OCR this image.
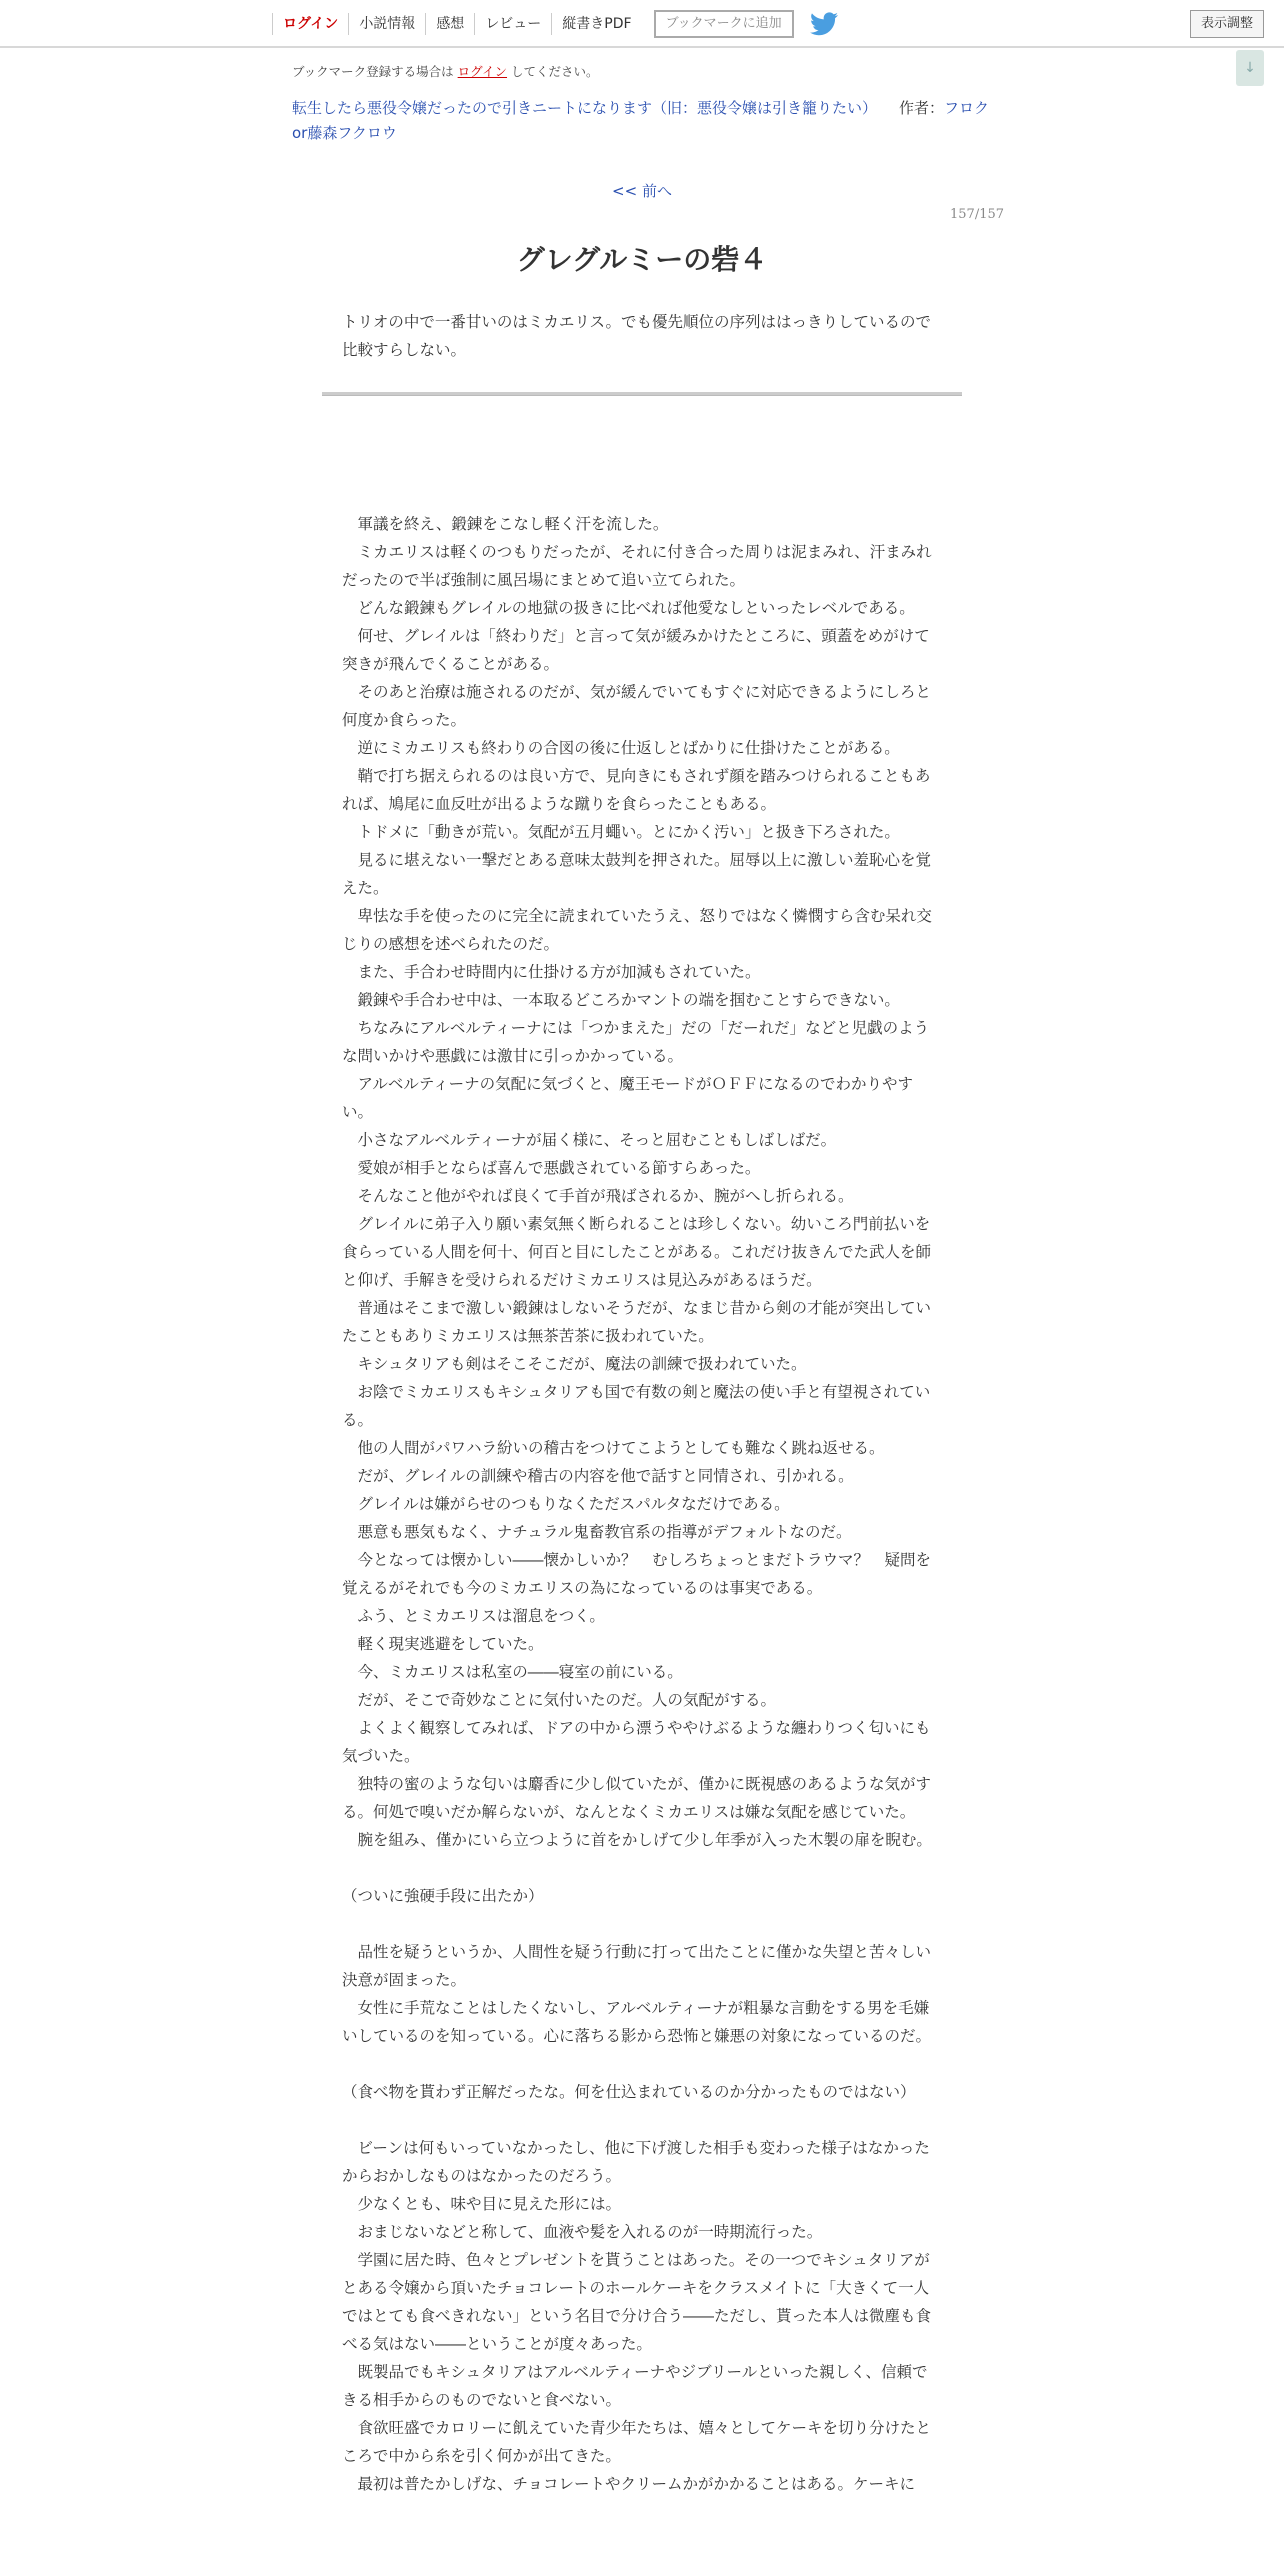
ログイン	小説情報	感想	レビュー	縦書きPDF	ブックマークに追加	表示調整
↓
ブックマーク登録する場合は ログイン してください。
転生したら悪役令嬢だったので引きニートになります（旧：悪役令嬢は引き籠りたい） 作者：フロクor藤森フクロウ
<< 前へ
157/157
グレグルミーの砦４
トリオの中で一番甘いのはミカエリス。でも優先順位の序列ははっきりしているので比較すらしない。

　軍議を終え、鍛錬をこなし軽く汗を流した。

　ミカエリスは軽くのつもりだったが、それに付き合った周りは泥まみれ、汗まみれだったので半ば強制に風呂場にまとめて追い立てられた。

　どんな鍛錬もグレイルの地獄の扱きに比べれば他愛なしといったレベルである。

　何せ、グレイルは「終わりだ」と言って気が緩みかけたところに、頭蓋をめがけて突きが飛んでくることがある。

　そのあと治療は施されるのだが、気が緩んでいてもすぐに対応できるようにしろと何度か食らった。

　逆にミカエリスも終わりの合図の後に仕返しとばかりに仕掛けたことがある。

　鞘で打ち据えられるのは良い方で、見向きにもされず顔を踏みつけられることもあれば、鳩尾に血反吐が出るような蹴りを食らったこともある。

　トドメに「動きが荒い。気配が五月蠅い。とにかく汚い」と扱き下ろされた。

　見るに堪えない一撃だとある意味太鼓判を押された。屈辱以上に激しい羞恥心を覚えた。

　卑怯な手を使ったのに完全に読まれていたうえ、怒りではなく憐憫すら含む呆れ交じりの感想を述べられたのだ。

　また、手合わせ時間内に仕掛ける方が加減もされていた。

　鍛錬や手合わせ中は、一本取るどころかマントの端を掴むことすらできない。

　ちなみにアルベルティーナには「つかまえた」だの「だーれだ」などと児戯のような問いかけや悪戯には激甘に引っかかっている。

　アルベルティーナの気配に気づくと、魔王モードがＯＦＦになるのでわかりやすい。

　小さなアルベルティーナが届く様に、そっと屈むこともしばしばだ。

　愛娘が相手とならば喜んで悪戯されている節すらあった。

　そんなこと他がやれば良くて手首が飛ばされるか、腕がへし折られる。

　グレイルに弟子入り願い素気無く断られることは珍しくない。幼いころ門前払いを食らっている人間を何十、何百と目にしたことがある。これだけ抜きんでた武人を師と仰げ、手解きを受けられるだけミカエリスは見込みがあるほうだ。

　普通はそこまで激しい鍛錬はしないそうだが、なまじ昔から剣の才能が突出していたこともありミカエリスは無茶苦茶に扱われていた。

　キシュタリアも剣はそこそこだが、魔法の訓練で扱われていた。

　お陰でミカエリスもキシュタリアも国で有数の剣と魔法の使い手と有望視されている。

　他の人間がパワハラ紛いの稽古をつけてこようとしても難なく跳ね返せる。

　だが、グレイルの訓練や稽古の内容を他で話すと同情され、引かれる。

　グレイルは嫌がらせのつもりなくただスパルタなだけである。

　悪意も悪気もなく、ナチュラル鬼畜教官系の指導がデフォルトなのだ。

　今となっては懐かしい――懐かしいか？　むしろちょっとまだトラウマ？　疑問を覚えるがそれでも今のミカエリスの為になっているのは事実である。

　ふう、とミカエリスは溜息をつく。

　軽く現実逃避をしていた。

　今、ミカエリスは私室の――寝室の前にいる。

　だが、そこで奇妙なことに気付いたのだ。人の気配がする。

　よくよく観察してみれば、ドアの中から漂うややけぶるような纏わりつく匂いにも気づいた。

　独特の蜜のような匂いは麝香に少し似ていたが、僅かに既視感のあるような気がする。何処で嗅いだか解らないが、なんとなくミカエリスは嫌な気配を感じていた。

　腕を組み、僅かにいら立つように首をかしげて少し年季が入った木製の扉を睨む。

（ついに強硬手段に出たか）

　品性を疑うというか、人間性を疑う行動に打って出たことに僅かな失望と苦々しい決意が固まった。

　女性に手荒なことはしたくないし、アルベルティーナが粗暴な言動をする男を毛嫌いしているのを知っている。心に落ちる影から恐怖と嫌悪の対象になっているのだ。

（食べ物を貰わず正解だったな。何を仕込まれているのか分かったものではない）

　ビーンは何もいっていなかったし、他に下げ渡した相手も変わった様子はなかったからおかしなものはなかったのだろう。

　少なくとも、味や目に見えた形には。

　おまじないなどと称して、血液や髪を入れるのが一時期流行った。

　学園に居た時、色々とプレゼントを貰うことはあった。その一つでキシュタリアがとある令嬢から頂いたチョコレートのホールケーキをクラスメイトに「大きくて一人ではとても食べきれない」という名目で分け合う――ただし、貰った本人は微塵も食べる気はない――ということが度々あった。

　既製品でもキシュタリアはアルベルティーナやジブリールといった親しく、信頼できる相手からのものでないと食べない。

　食欲旺盛でカロリーに飢えていた青少年たちは、嬉々としてケーキを切り分けたところで中から糸を引く何かが出てきた。

　最初は普たかしげな、チョコレートやクリームかがかかることはある。ケーキに
